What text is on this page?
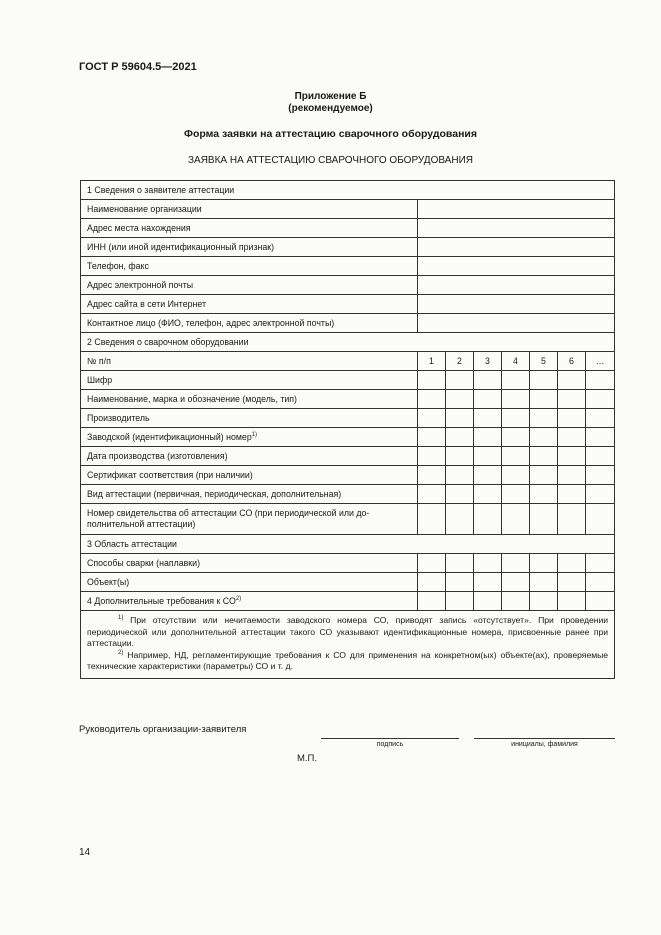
ГОСТ Р 59604.5—2021
Приложение Б
(рекомендуемое)
Форма заявки на аттестацию сварочного оборудования
ЗАЯВКА НА АТТЕСТАЦИЮ СВАРОЧНОГО ОБОРУДОВАНИЯ
1 Сведения о заявителе аттестации							
Наименование организации							
Адрес места нахождения							
ИНН (или иной идентификационный признак)							
Телефон, факс							
Адрес электронной почты							
Адрес сайта в сети Интернет							
Контактное лицо (ФИО, телефон, адрес электронной почты)							
2 Сведения о сварочном оборудовании							
№ п/п	1	2	3	4	5	6	…
Шифр							
Наименование, марка и обозначение (модель, тип)							
Производитель							
Заводской (идентификационный) номер$^{1)}$							
Дата производства (изготовления)							
Сертификат соответствия (при наличии)							
Вид аттестации (первичная, периодическая, дополнительная)							
Номер свидетельства об аттестации СО (при периодической или до-полнительной аттестации)							
3 Область аттестации							
Способы сварки (наплавки)							
Объект(ы)							
4 Дополнительные требования к СО$^{2)}$							

$^{1)}$ При отсутствии или нечитаемости заводского номера СО, приводят запись «отсутствует». При проведении периодической или дополнительной аттестации такого СО указывают идентификационные номера, присвоенные ранее при аттестации.

$^{2)}$ Например, НД, регламентирующие требования к СО для применения на конкретном(ых) объекте(ах), проверяемые технические характеристики (параметры) СО и т. д.							

Руководитель организации-заявителя
подпись	инициалы, фамилия
М.П.
14
